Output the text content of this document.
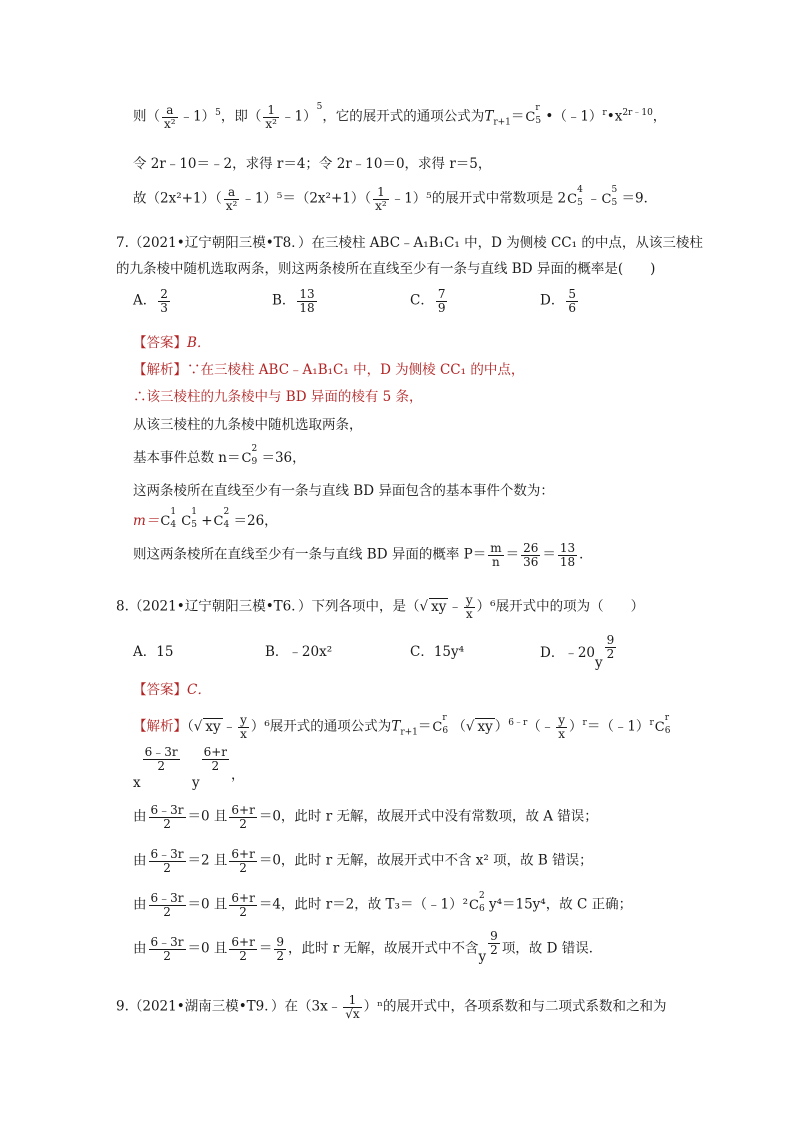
则（ $\frac{a}{\text{x²}}$ ﹣1）$^5$，即（ $\frac{1}{\text{x²}}$ ﹣1）$^5$，它的展开式的通项公式为$T_{r+1}=C$
r
5 $•(﹣1)^r•x^{2r﹣10}$，
令 2r﹣10＝﹣2，求得 r＝4；令 2r﹣10＝0，求得 r＝5，
故$(2x^2+1)( \frac{a}{\text{x²}}$ ﹣1）⁵＝（2x²+1）（ $\frac{1}{\text{x²}}$ ﹣1）⁵的展开式中常数项是 2C
4
5 ﹣C
5
5 ＝9．
7.（2021•辽宁朝阳三模•T8．）在三棱柱 ABC﹣A₁B₁C₁ 中，D 为侧棱 CC₁ 的中点，从该三棱柱
的九条棱中随机选取两条，则这两条棱所在直线至少有一条与直线 BD 异面的概率是(　　)
A． $\frac{2}{3}$	B． $\frac{13}{18}$	C． $\frac{7}{9}$	D． $\frac{5}{6}$
【答案】B．
【解析】∵在三棱柱 ABC﹣A₁B₁C₁ 中，D 为侧棱 CC₁ 的中点，
∴该三棱柱的九条棱中与 BD 异面的棱有 5 条，
从该三棱柱的九条棱中随机选取两条，
基本事件总数 n＝C
2
9 ＝36，
这两条棱所在直线至少有一条与直线 BD 异面包含的基本事件个数为：
m＝C
1
4 C
1
5 +C
2
4 ＝26，
则这两条棱所在直线至少有一条与直线 BD 异面的概率 $P= \frac{m}{n} = \frac{26}{36} = \frac{13}{18}$ ．
8.（2021•辽宁朝阳三模•T6．）下列各项中，是（√ xy ﹣ $\frac{y}{x} )^6$展开式中的项为（　　）
A．15	B．﹣20x²	C．15y⁴	D．﹣20y
$\frac{9}{2}$
【答案】C．
【解析】（√ xy ﹣ $\frac{y}{x} )^6$展开式的通项公式为$T_{r+1}=C$
r
6 （√ xy ）$^{6﹣r}$（﹣ $\frac{y}{x}$ ）$^r$＝（﹣1）$^r$C
r
6
x
$\frac{6﹣3r}{2}$
y
$\frac{6+r}{2}$
，
由 $\frac{6﹣3r}{2} =0$ 且 $\frac{6+r}{2} =0$，此时 r 无解，故展开式中没有常数项，故 A 错误；
由 $\frac{6﹣3r}{2} =2$ 且 $\frac{6+r}{2} =0$，此时 r 无解，故展开式中不含 x² 项，故 B 错误；
由 $\frac{6﹣3r}{2} =0$ 且 $\frac{6+r}{2} =4$，此时 r＝2，故 T₃＝（﹣1）²C
2
6 y⁴＝15y⁴，故 C 正确；
由 $\frac{6﹣3r}{2} =0$ 且 $\frac{6+r}{2} = \frac{9}{2}$ ，此时 r 无解，故展开式中不含y
$\frac{9}{2}$ 项，故 D 错误．
9.（2021•湖南三模•T9．）在（3x﹣ $\frac{1}{√x} )^n$的展开式中，各项系数和与二项式系数和之和为
